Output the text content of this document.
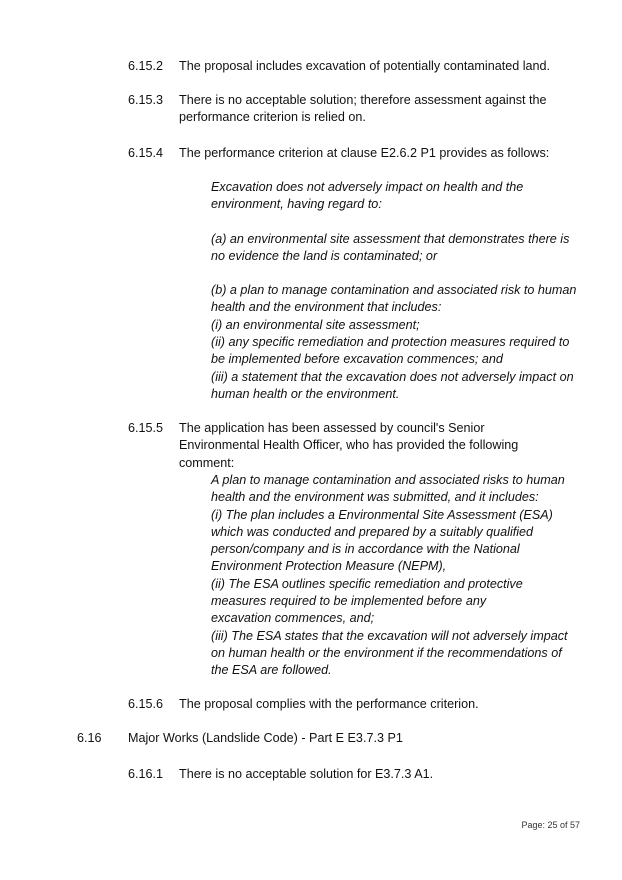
6.15.2 The proposal includes excavation of potentially contaminated land.
6.15.3 There is no acceptable solution; therefore assessment against the performance criterion is relied on.
6.15.4 The performance criterion at clause E2.6.2 P1 provides as follows:

Excavation does not adversely impact on health and the environment, having regard to:

(a) an environmental site assessment that demonstrates there is no evidence the land is contaminated; or

(b) a plan to manage contamination and associated risk to human health and the environment that includes:

(i) an environmental site assessment;

(ii) any specific remediation and protection measures required to be implemented before excavation commences; and

(iii) a statement that the excavation does not adversely impact on human health or the environment.

6.15.5 The application has been assessed by council's Senior Environmental Health Officer, who has provided the following comment:

A plan to manage contamination and associated risks to human health and the environment was submitted, and it includes:

(i) The plan includes a Environmental Site Assessment (ESA) which was conducted and prepared by a suitably qualified person/company and is in accordance with the National Environment Protection Measure (NEPM),

(ii) The ESA outlines specific remediation and protective measures required to be implemented before any excavation commences, and;

(iii) The ESA states that the excavation will not adversely impact on human health or the environment if the recommendations of the ESA are followed.

6.15.6 The proposal complies with the performance criterion.
6.16 Major Works (Landslide Code) - Part E E3.7.3 P1
6.16.1 There is no acceptable solution for E3.7.3 A1.
Page: 25 of 57
